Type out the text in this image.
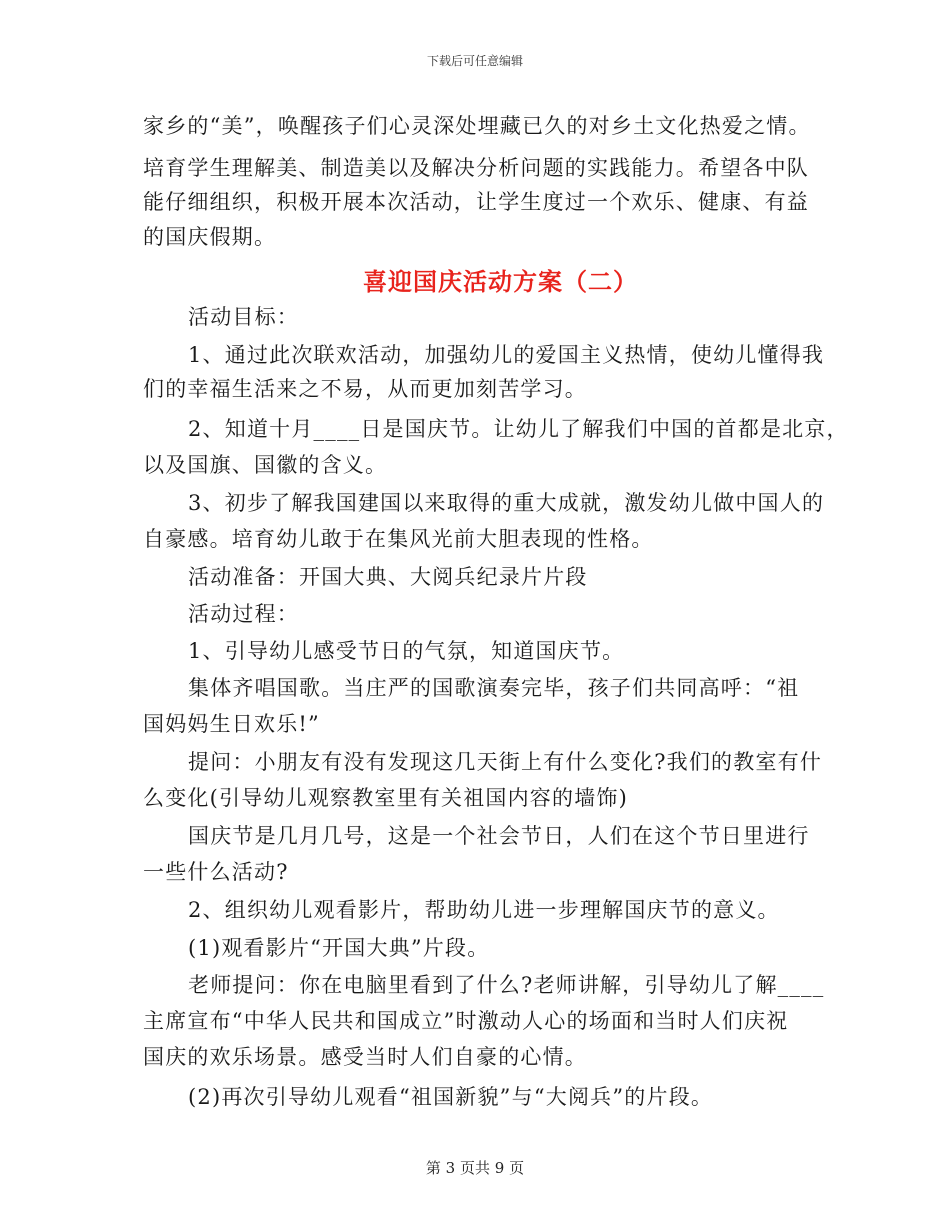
下载后可任意编辑
家乡的“美”，唤醒孩子们心灵深处埋藏已久的对乡土文化热爱之情。
培育学生理解美、制造美以及解决分析问题的实践能力。希望各中队
能仔细组织，积极开展本次活动，让学生度过一个欢乐、健康、有益
的国庆假期。
喜迎国庆活动方案（二）
活动目标：
1、通过此次联欢活动，加强幼儿的爱国主义热情，使幼儿懂得我
们的幸福生活来之不易，从而更加刻苦学习。
2、知道十月____日是国庆节。让幼儿了解我们中国的首都是北京，
以及国旗、国徽的含义。
3、初步了解我国建国以来取得的重大成就，激发幼儿做中国人的
自豪感。培育幼儿敢于在集风光前大胆表现的性格。
活动准备：开国大典、大阅兵纪录片片段
活动过程：
1、引导幼儿感受节日的气氛，知道国庆节。
集体齐唱国歌。当庄严的国歌演奏完毕，孩子们共同高呼：“祖
国妈妈生日欢乐!”
提问：小朋友有没有发现这几天街上有什么变化?我们的教室有什
么变化(引导幼儿观察教室里有关祖国内容的墙饰)
国庆节是几月几号，这是一个社会节日，人们在这个节日里进行
一些什么活动?
2、组织幼儿观看影片，帮助幼儿进一步理解国庆节的意义。
(1)观看影片“开国大典”片段。
老师提问：你在电脑里看到了什么?老师讲解，引导幼儿了解____
主席宣布“中华人民共和国成立”时激动人心的场面和当时人们庆祝
国庆的欢乐场景。感受当时人们自豪的心情。
(2)再次引导幼儿观看“祖国新貌”与“大阅兵”的片段。
第 3 页共 9 页
